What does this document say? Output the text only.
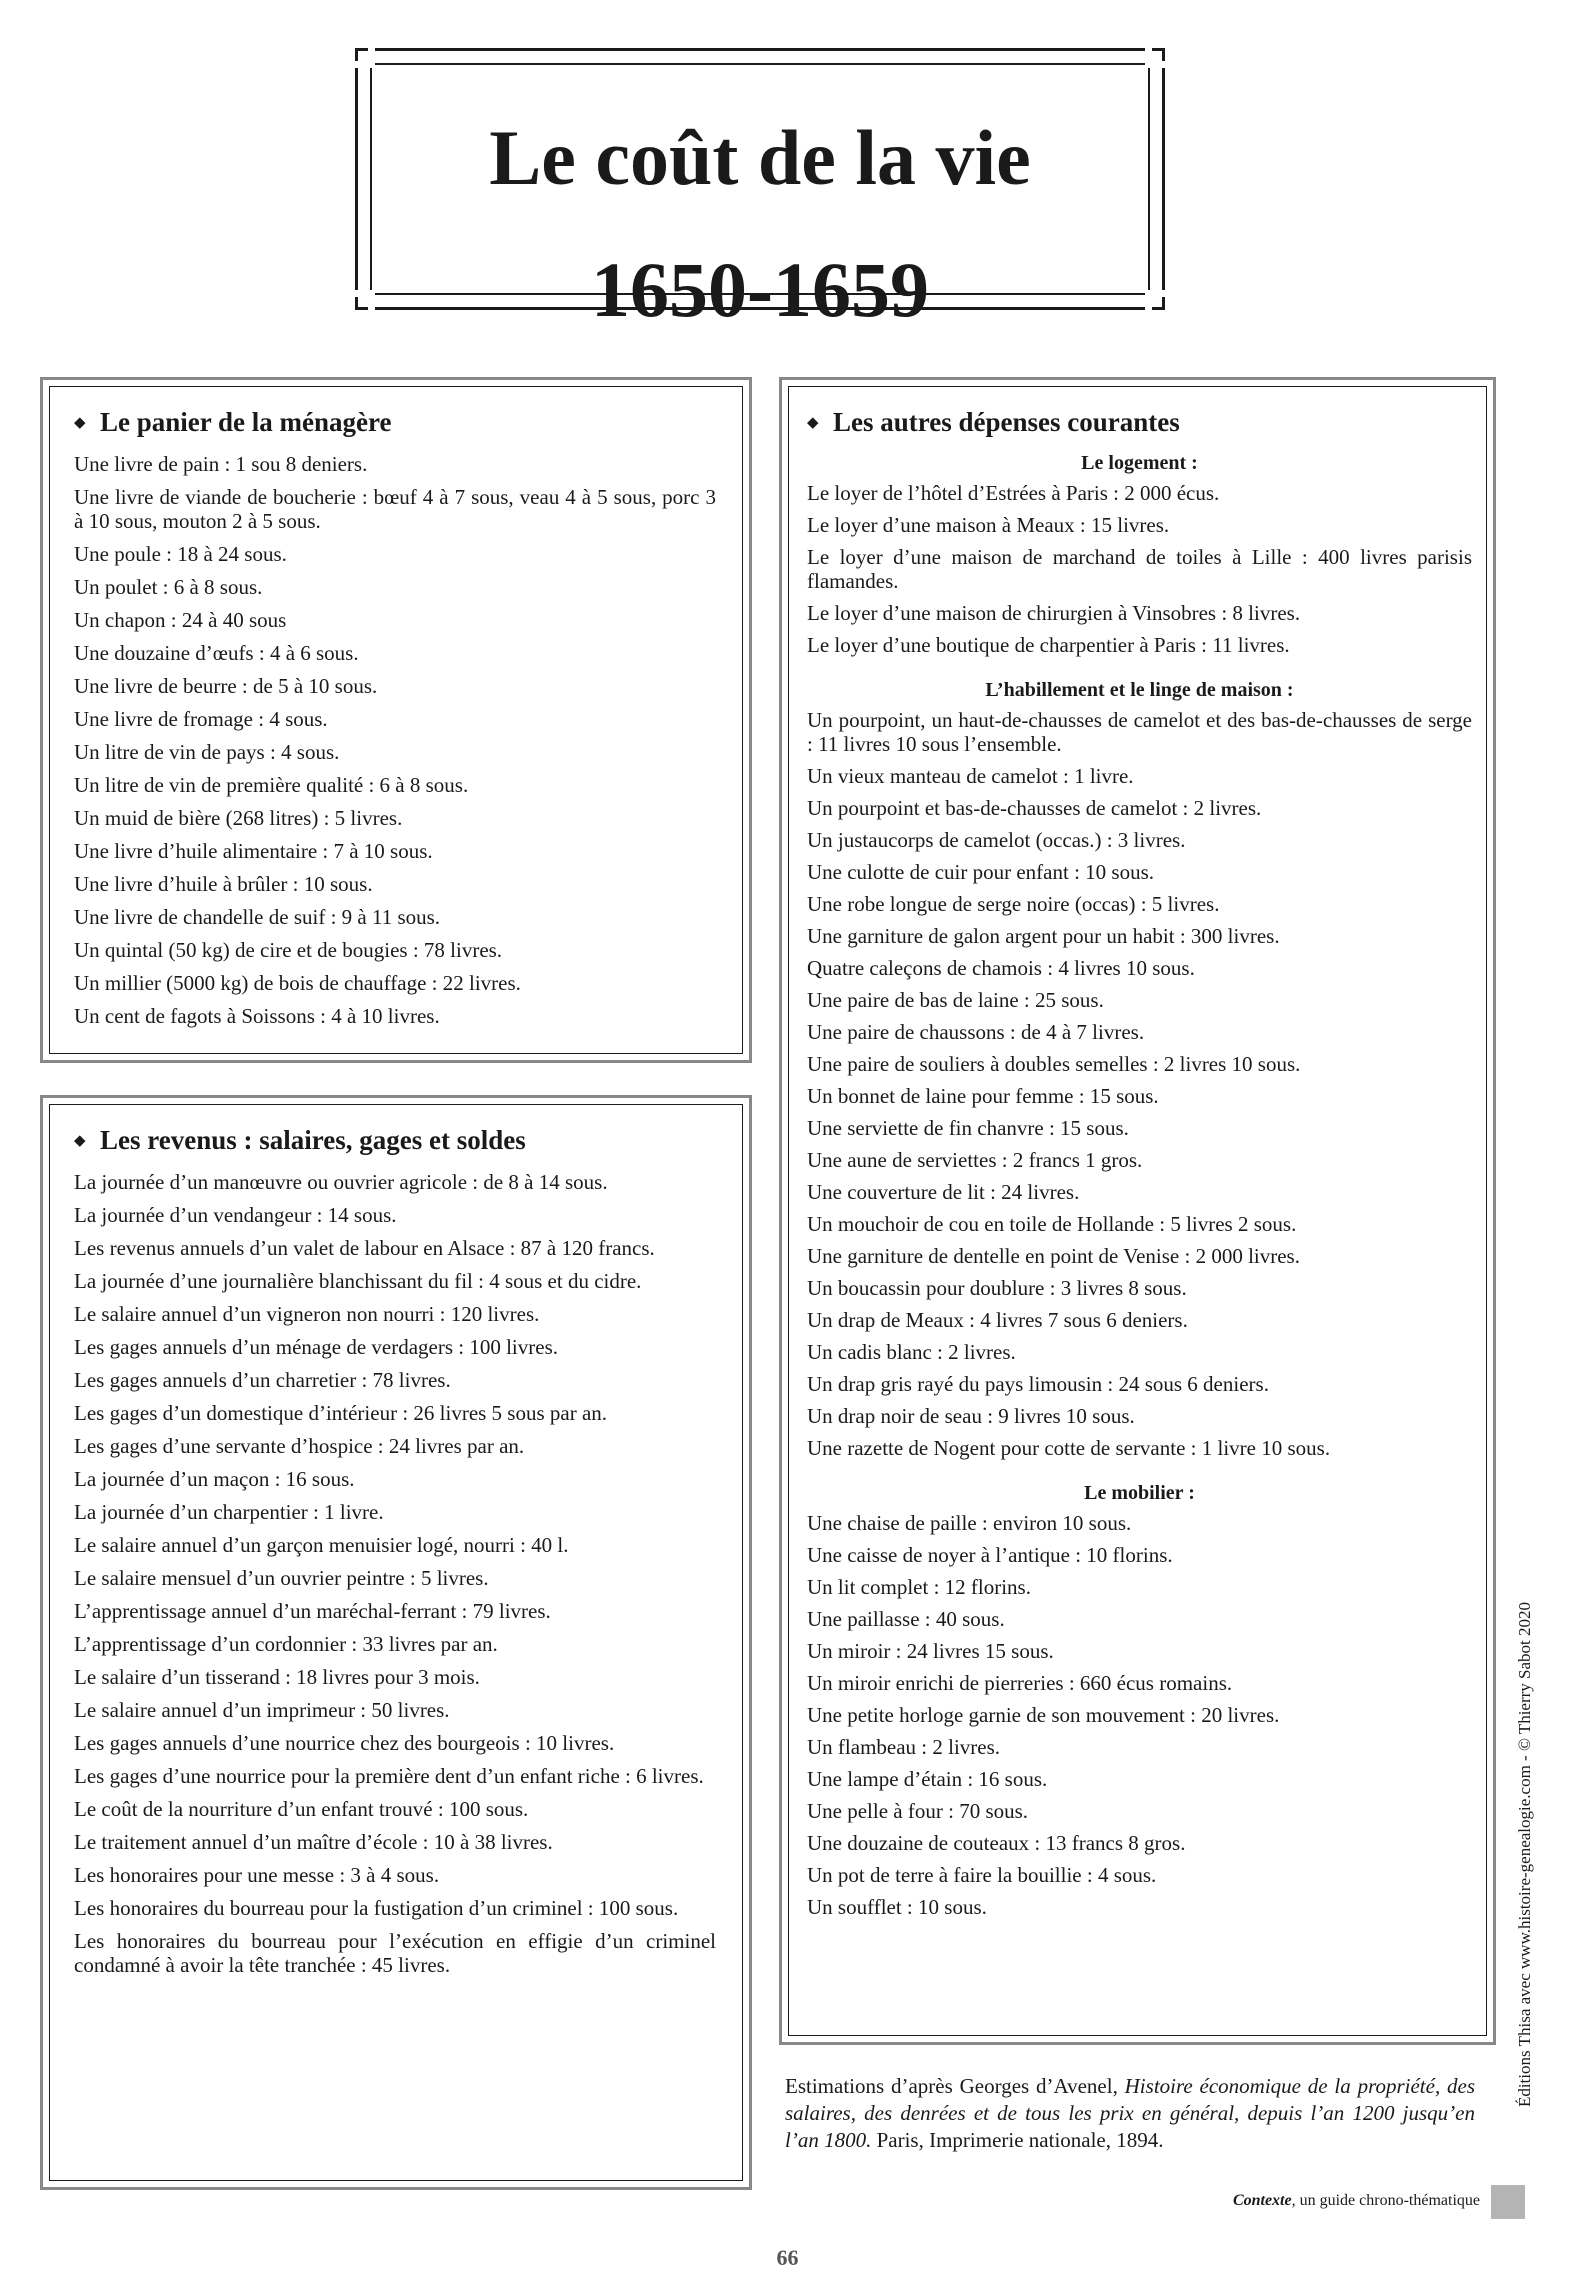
Le coût de la vie
1650-1659
◆ Le panier de la ménagère
Une livre de pain : 1 sou 8 deniers.
Une livre de viande de boucherie : bœuf 4 à 7 sous, veau 4 à 5 sous, porc 3 à 10 sous, mouton 2 à 5 sous.
Une poule : 18 à 24 sous.
Un poulet : 6 à 8 sous.
Un chapon : 24 à 40 sous
Une douzaine d’œufs : 4 à 6 sous.
Une livre de beurre : de 5 à 10 sous.
Une livre de fromage : 4 sous.
Un litre de vin de pays : 4 sous.
Un litre de vin de première qualité : 6 à 8 sous.
Un muid de bière (268 litres) : 5 livres.
Une livre d’huile alimentaire : 7 à 10 sous.
Une livre d’huile à brûler : 10 sous.
Une livre de chandelle de suif : 9 à 11 sous.
Un quintal (50 kg) de cire et de bougies : 78 livres.
Un millier (5000 kg) de bois de chauffage : 22 livres.
Un cent de fagots à Soissons : 4 à 10 livres.
◆ Les revenus : salaires, gages et soldes
La journée d’un manœuvre ou ouvrier agricole : de 8 à 14 sous.
La journée d’un vendangeur : 14 sous.
Les revenus annuels d’un valet de labour en Alsace : 87 à 120 francs.
La journée d’une journalière blanchissant du fil : 4 sous et du cidre.
Le salaire annuel d’un vigneron non nourri : 120 livres.
Les gages annuels d’un ménage de verdagers : 100 livres.
Les gages annuels d’un charretier : 78 livres.
Les gages d’un domestique d’intérieur : 26 livres 5 sous par an.
Les gages d’une servante d’hospice : 24 livres par an.
La journée d’un maçon : 16 sous.
La journée d’un charpentier : 1 livre.
Le salaire annuel d’un garçon menuisier logé, nourri : 40 l.
Le salaire mensuel d’un ouvrier peintre : 5 livres.
L’apprentissage annuel d’un maréchal-ferrant : 79 livres.
L’apprentissage d’un cordonnier : 33 livres par an.
Le salaire d’un tisserand : 18 livres pour 3 mois.
Le salaire annuel d’un imprimeur : 50 livres.
Les gages annuels d’une nourrice chez des bourgeois : 10 livres.
Les gages d’une nourrice pour la première dent d’un enfant riche : 6 livres.
Le coût de la nourriture d’un enfant trouvé : 100 sous.
Le traitement annuel d’un maître d’école : 10 à 38 livres.
Les honoraires pour une messe : 3 à 4 sous.
Les honoraires du bourreau pour la fustigation d’un criminel : 100 sous.
Les honoraires du bourreau pour l’exécution en effigie d’un criminel condamné à avoir la tête tranchée : 45 livres.
◆ Les autres dépenses courantes
Le logement :
Le loyer de l’hôtel d’Estrées à Paris : 2 000 écus.
Le loyer d’une maison à Meaux : 15 livres.
Le loyer d’une maison de marchand de toiles à Lille : 400 livres parisis flamandes.
Le loyer d’une maison de chirurgien à Vinsobres : 8 livres.
Le loyer d’une boutique de charpentier à Paris : 11 livres.
L’habillement et le linge de maison :
Un pourpoint, un haut-de-chausses de camelot et des bas-de-chausses de serge : 11 livres 10 sous l’ensemble.
Un vieux manteau de camelot : 1 livre.
Un pourpoint et bas-de-chausses de camelot : 2 livres.
Un justaucorps de camelot (occas.) : 3 livres.
Une culotte de cuir pour enfant : 10 sous.
Une robe longue de serge noire (occas) : 5 livres.
Une garniture de galon argent pour un habit : 300 livres.
Quatre caleçons de chamois : 4 livres 10 sous.
Une paire de bas de laine : 25 sous.
Une paire de chaussons : de 4 à 7 livres.
Une paire de souliers à doubles semelles : 2 livres 10 sous.
Un bonnet de laine pour femme : 15 sous.
Une serviette de fin chanvre : 15 sous.
Une aune de serviettes : 2 francs 1 gros.
Une couverture de lit : 24 livres.
Un mouchoir de cou en toile de Hollande : 5 livres 2 sous.
Une garniture de dentelle en point de Venise : 2 000 livres.
Un boucassin pour doublure : 3 livres 8 sous.
Un drap de Meaux : 4 livres 7 sous 6 deniers.
Un cadis blanc : 2 livres.
Un drap gris rayé du pays limousin : 24 sous 6 deniers.
Un drap noir de seau : 9 livres 10 sous.
Une razette de Nogent pour cotte de servante : 1 livre 10 sous.
Le mobilier :
Une chaise de paille : environ 10 sous.
Une caisse de noyer à l’antique : 10 florins.
Un lit complet : 12 florins.
Une paillasse : 40 sous.
Un miroir : 24 livres 15 sous.
Un miroir enrichi de pierreries : 660 écus romains.
Une petite horloge garnie de son mouvement : 20 livres.
Un flambeau : 2 livres.
Une lampe d’étain : 16 sous.
Une pelle à four : 70 sous.
Une douzaine de couteaux : 13 francs 8 gros.
Un pot de terre à faire la bouillie : 4 sous.
Un soufflet : 10 sous.
Estimations d’après Georges d’Avenel, Histoire économique de la propriété, des salaires, des denrées et de tous les prix en général, depuis l’an 1200 jusqu’en l’an 1800. Paris, Imprimerie nationale, 1894.
Contexte, un guide chrono-thématique
Éditions Thisa avec www.histoire-genealogie.com - © Thierry Sabot 2020
66
